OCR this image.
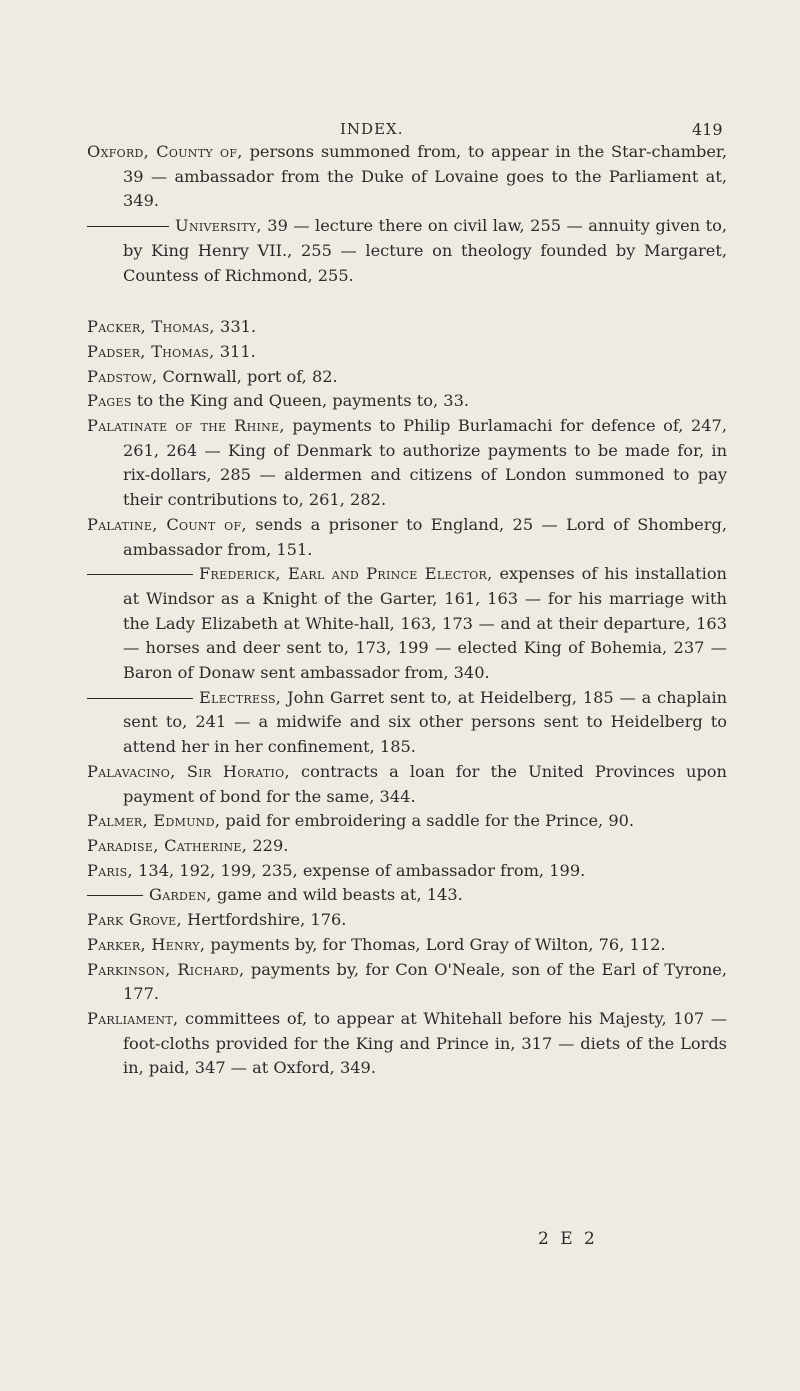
INDEX.	419

Oxford, County of, persons summoned from, to appear in the Star-chamber, 39 — ambassador from the Duke of Lovaine goes to the Parliament at, 349.

University, 39 — lecture there on civil law, 255 — annuity given to, by King Henry VII., 255 — lecture on theology founded by Margaret, Countess of Richmond, 255.

Packer, Thomas, 331.

Padser, Thomas, 311.

Padstow, Cornwall, port of, 82.

Pages to the King and Queen, payments to, 33.

Palatinate of the Rhine, payments to Philip Burlamachi for defence of, 247, 261, 264 — King of Denmark to authorize payments to be made for, in rix-dollars, 285 — aldermen and citizens of London summoned to pay their contributions to, 261, 282.

Palatine, Count of, sends a prisoner to England, 25 — Lord of Shomberg, ambassador from, 151.

Frederick, Earl and Prince Elector, expenses of his installation at Windsor as a Knight of the Garter, 161, 163 — for his marriage with the Lady Elizabeth at White-hall, 163, 173 — and at their departure, 163 — horses and deer sent to, 173, 199 — elected King of Bohemia, 237 — Baron of Donaw sent ambassador from, 340.

Electress, John Garret sent to, at Heidelberg, 185 — a chaplain sent to, 241 — a midwife and six other persons sent to Heidelberg to attend her in her confinement, 185.

Palavacino, Sir Horatio, contracts a loan for the United Provinces upon payment of bond for the same, 344.

Palmer, Edmund, paid for embroidering a saddle for the Prince, 90.

Paradise, Catherine, 229.

Paris, 134, 192, 199, 235, expense of ambassador from, 199.

Garden, game and wild beasts at, 143.

Park Grove, Hertfordshire, 176.

Parker, Henry, payments by, for Thomas, Lord Gray of Wilton, 76, 112.

Parkinson, Richard, payments by, for Con O'Neale, son of the Earl of Tyrone, 177.

Parliament, committees of, to appear at Whitehall before his Majesty, 107 — foot-cloths provided for the King and Prince in, 317 — diets of the Lords in, paid, 347 — at Oxford, 349.

2 E 2
